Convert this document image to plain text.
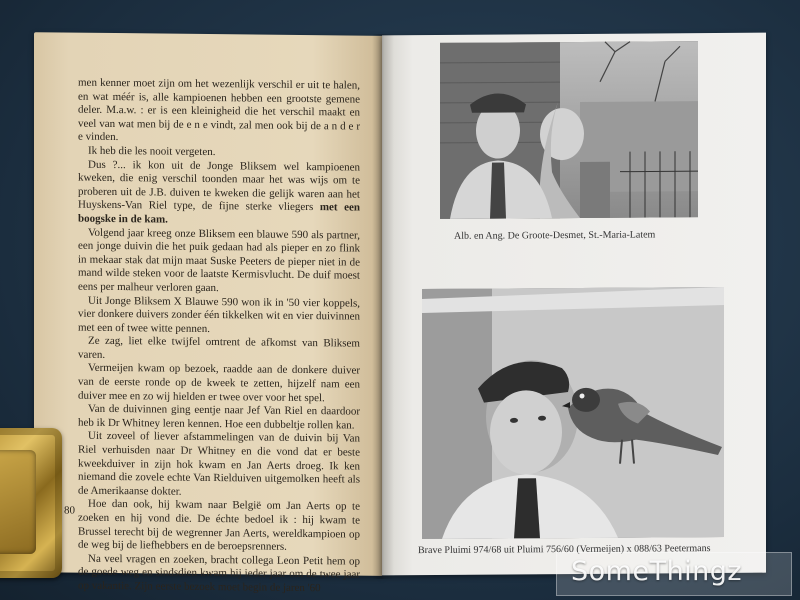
men kenner moet zijn om het wezenlijk verschil er uit te halen, en wat méér is, alle kampioenen hebben een grootste gemene deler. M.a.w. : er is een kleinigheid die het verschil maakt en veel van wat men bij de e n e vindt, zal men ook bij de a n d e r e vinden.

Ik heb die les nooit vergeten.

Dus ?... ik kon uit de Jonge Bliksem wel kampioenen kweken, die enig verschil toonden maar het was wijs om te proberen uit de J.B. duiven te kweken die gelijk waren aan het Huyskens-Van Riel type, de fijne sterke vliegers met een boogske in de kam.

Volgend jaar kreeg onze Bliksem een blauwe 590 als partner, een jonge duivin die het puik gedaan had als pieper en zo flink in mekaar stak dat mijn maat Suske Peeters de pieper niet in de mand wilde steken voor de laatste Kermisvlucht. De duif moest eens per malheur verloren gaan.

Uit Jonge Bliksem X Blauwe 590 won ik in '50 vier koppels, vier donkere duivers zonder één tikkelken wit en vier duivinnen met een of twee witte pennen.

Ze zag, liet elke twijfel omtrent de afkomst van Bliksem varen.

Vermeijen kwam op bezoek, raadde aan de donkere duiver van de eerste ronde op de kweek te zetten, hijzelf nam een duiver mee en zo wij hielden er twee over voor het spel.

Van de duivinnen ging eentje naar Jef Van Riel en daardoor heb ik Dr Whitney leren kennen. Hoe een dubbeltje rollen kan.

Uit zoveel of liever afstammelingen van de duivin bij Van Riel verhuisden naar Dr Whitney en die vond dat er beste kweekduiver in zijn hok kwam en Jan Aerts droeg. Ik ken niemand die zovele echte Van Rielduiven uitgemolken heeft als de Amerikaanse dokter.

Hoe dan ook, hij kwam naar België om Jan Aerts op te zoeken en hij vond die. De échte bedoel ik : hij kwam te Brussel terecht bij de wegrenner Jan Aerts, wereldkampioen op de weg bij de liefhebbers en de beroepsrenners.

Na veel vragen en zoeken, bracht collega Leon Petit hem op de goede weg en sindsdien kwam hij ieder jaar om de twee jaar op vakantie. Zijn eerste bezoek moet begin de jaren '60

80
Alb. en Ang. De Groote-Desmet, St.-Maria-Latem
Brave Pluimi 974/68 uit Pluimi 756/60 (Vermeijen) x 088/63 Peetermans
SomeThingz
